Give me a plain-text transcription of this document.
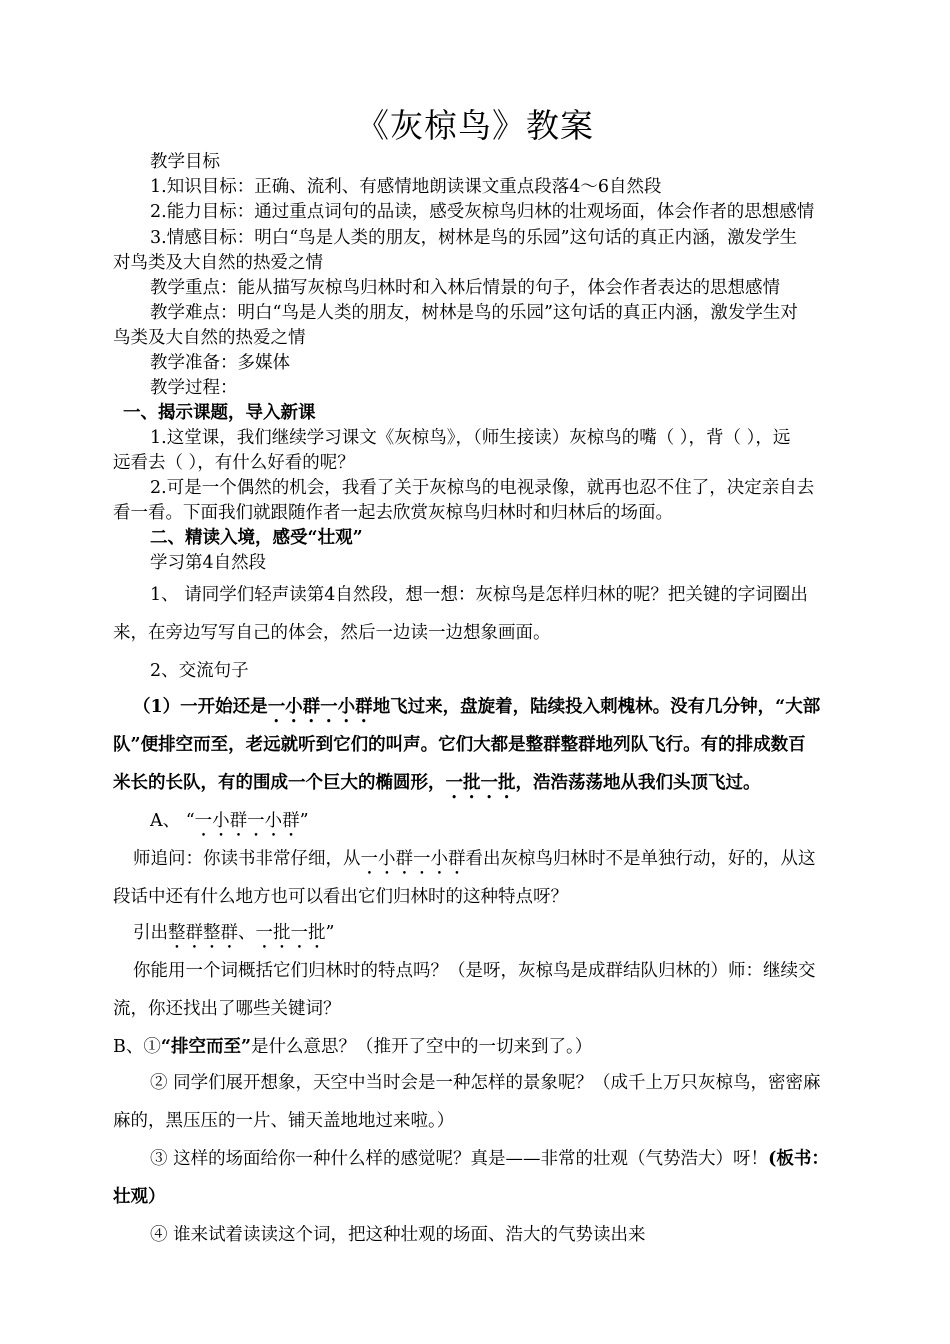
《灰椋鸟》教案
教学目标
1.知识目标：正确、流利、有感情地朗读课文重点段落4～6自然段
2.能力目标：通过重点词句的品读，感受灰椋鸟归林的壮观场面，体会作者的思想感情
3.情感目标：明白“鸟是人类的朋友，树林是鸟的乐园”这句话的真正内涵，激发学生
对鸟类及大自然的热爱之情
教学重点：能从描写灰椋鸟归林时和入林后情景的句子，体会作者表达的思想感情
教学难点：明白“鸟是人类的朋友，树林是鸟的乐园”这句话的真正内涵，激发学生对
鸟类及大自然的热爱之情
教学准备：多媒体
教学过程：
一、揭示课题，导入新课
1.这堂课，我们继续学习课文《灰椋鸟》，（师生接读）灰椋鸟的嘴（ ），背（ ），远
远看去（ ），有什么好看的呢？
2.可是一个偶然的机会，我看了关于灰椋鸟的电视录像，就再也忍不住了，决定亲自去
看一看。下面我们就跟随作者一起去欣赏灰椋鸟归林时和归林后的场面。
二、精读入境，感受“壮观”
学习第4自然段
1、 请同学们轻声读第4自然段，想一想：灰椋鸟是怎样归林的呢？把关键的字词圈出
来，在旁边写写自己的体会，然后一边读一边想象画面。
2、交流句子
（1）一开始还是一小群一小群地飞过来，盘旋着，陆续投入刺槐林。没有几分钟，“大部
队”便排空而至，老远就听到它们的叫声。它们大都是整群整群地列队飞行。有的排成数百
米长的长队，有的围成一个巨大的椭圆形，一批一批，浩浩荡荡地从我们头顶飞过。
A、 “一小群一小群”
师追问：你读书非常仔细，从一小群一小群看出灰椋鸟归林时不是单独行动，好的，从这
段话中还有什么地方也可以看出它们归林时的这种特点呀？
引出整群整群、一批一批”
你能用一个词概括它们归林时的特点吗？（是呀，灰椋鸟是成群结队归林的）师：继续交
流，你还找出了哪些关键词？
B、①“排空而至”是什么意思？（推开了空中的一切来到了。）
② 同学们展开想象，天空中当时会是一种怎样的景象呢？（成千上万只灰椋鸟，密密麻
麻的，黑压压的一片、铺天盖地地过来啦。）
③ 这样的场面给你一种什么样的感觉呢？真是——非常的壮观（气势浩大）呀！(板书：
壮观）
④ 谁来试着读读这个词，把这种壮观的场面、浩大的气势读出来
